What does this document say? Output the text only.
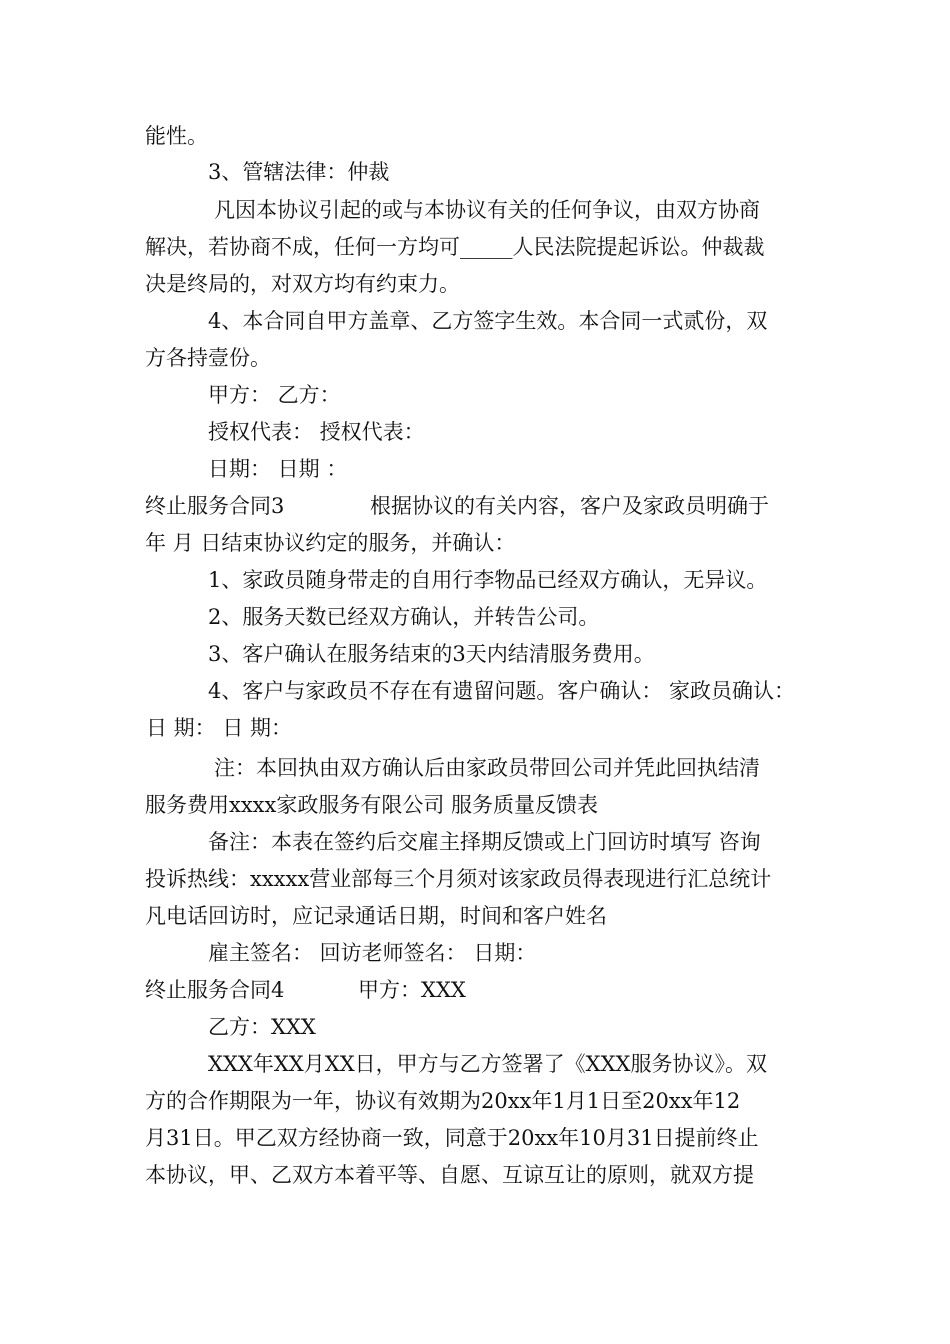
能性。
3、管辖法律：仲裁
凡因本协议引起的或与本协议有关的任何争议，由双方协商
解决，若协商不成，任何一方均可_____人民法院提起诉讼。仲裁裁
决是终局的，对双方均有约束力。
4、本合同自甲方盖章、乙方签字生效。本合同一式贰份，双
方各持壹份。
甲方： 乙方：
授权代表： 授权代表：
日期： 日期 ：
终止服务合同3	根据协议的有关内容，客户及家政员明确于
年 月 日结束协议约定的服务，并确认：
1、家政员随身带走的自用行李物品已经双方确认，无异议。
2、服务天数已经双方确认，并转告公司。
3、客户确认在服务结束的3天内结清服务费用。
4、客户与家政员不存在有遗留问题。客户确认： 家政员确认：
日 期： 日 期：
注：本回执由双方确认后由家政员带回公司并凭此回执结清
服务费用xxxx家政服务有限公司 服务质量反馈表
备注：本表在签约后交雇主择期反馈或上门回访时填写 咨询
投诉热线：xxxxx营业部每三个月须对该家政员得表现进行汇总统计
凡电话回访时，应记录通话日期，时间和客户姓名
雇主签名： 回访老师签名： 日期：
终止服务合同4	甲方：XXX
乙方：XXX
XXX年XX月XX日，甲方与乙方签署了《XXX服务协议》。双
方的合作期限为一年，协议有效期为20xx年1月1日至20xx年12
月31日。甲乙双方经协商一致，同意于20xx年10月31日提前终止
本协议，甲、乙双方本着平等、自愿、互谅互让的原则，就双方提
